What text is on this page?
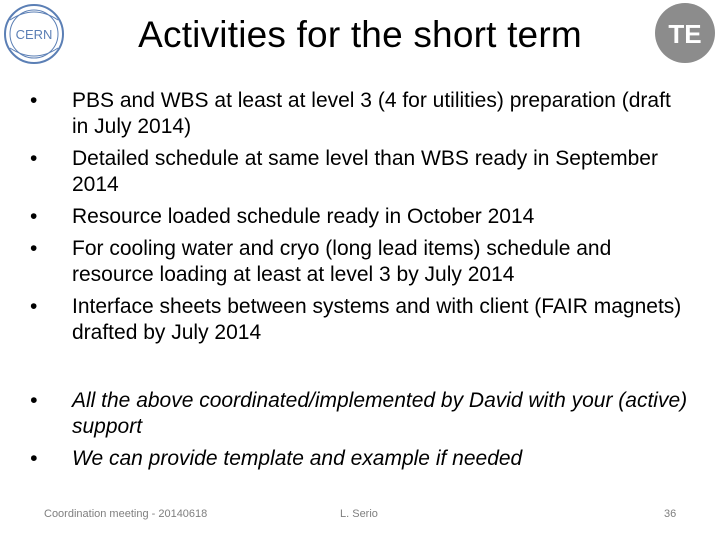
CERN	Activities for the short term	TE
•	PBS and WBS at least at level 3 (4 for utilities) preparation (draft in July 2014)
•	Detailed schedule at same level than WBS ready in September 2014
•	Resource loaded schedule ready in October 2014
•	For cooling water and cryo (long lead items) schedule and resource loading at least at level 3 by July 2014
•	Interface sheets between systems and with client (FAIR magnets) drafted by July 2014
•	All the above coordinated/implemented by David with your (active) support
•	We can provide template and example if needed
Coordination meeting - 20140618	L. Serio	36
